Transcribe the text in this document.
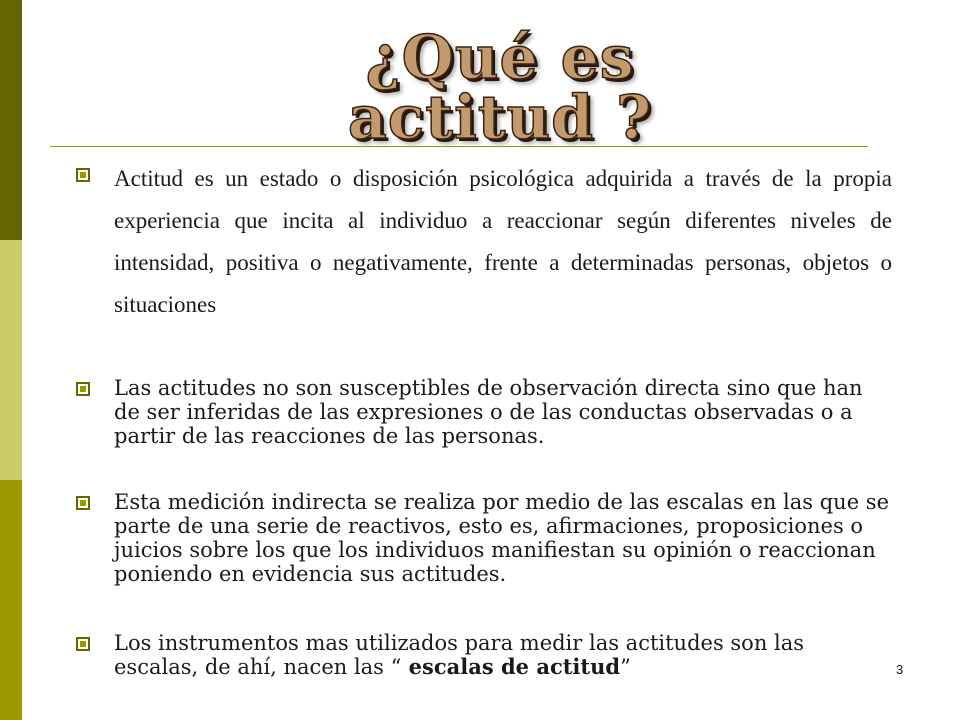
¿Qué es actitud ?
Actitud es un estado o disposición psicológica adquirida a través de la propia experiencia que incita al individuo a reaccionar según diferentes niveles de intensidad, positiva o negativamente, frente a determinadas personas, objetos o situaciones
Las actitudes no son susceptibles de observación directa sino que han de ser inferidas de las expresiones o de las conductas observadas o a partir de las reacciones de las personas.
Esta medición indirecta se realiza por medio de las escalas en las que se parte de una serie de reactivos, esto es, afirmaciones, proposiciones o juicios sobre los que los individuos manifiestan su opinión o reaccionan poniendo en evidencia sus actitudes.
Los instrumentos mas utilizados para medir las actitudes son las escalas, de ahí, nacen las “ escalas de actitud”	3
